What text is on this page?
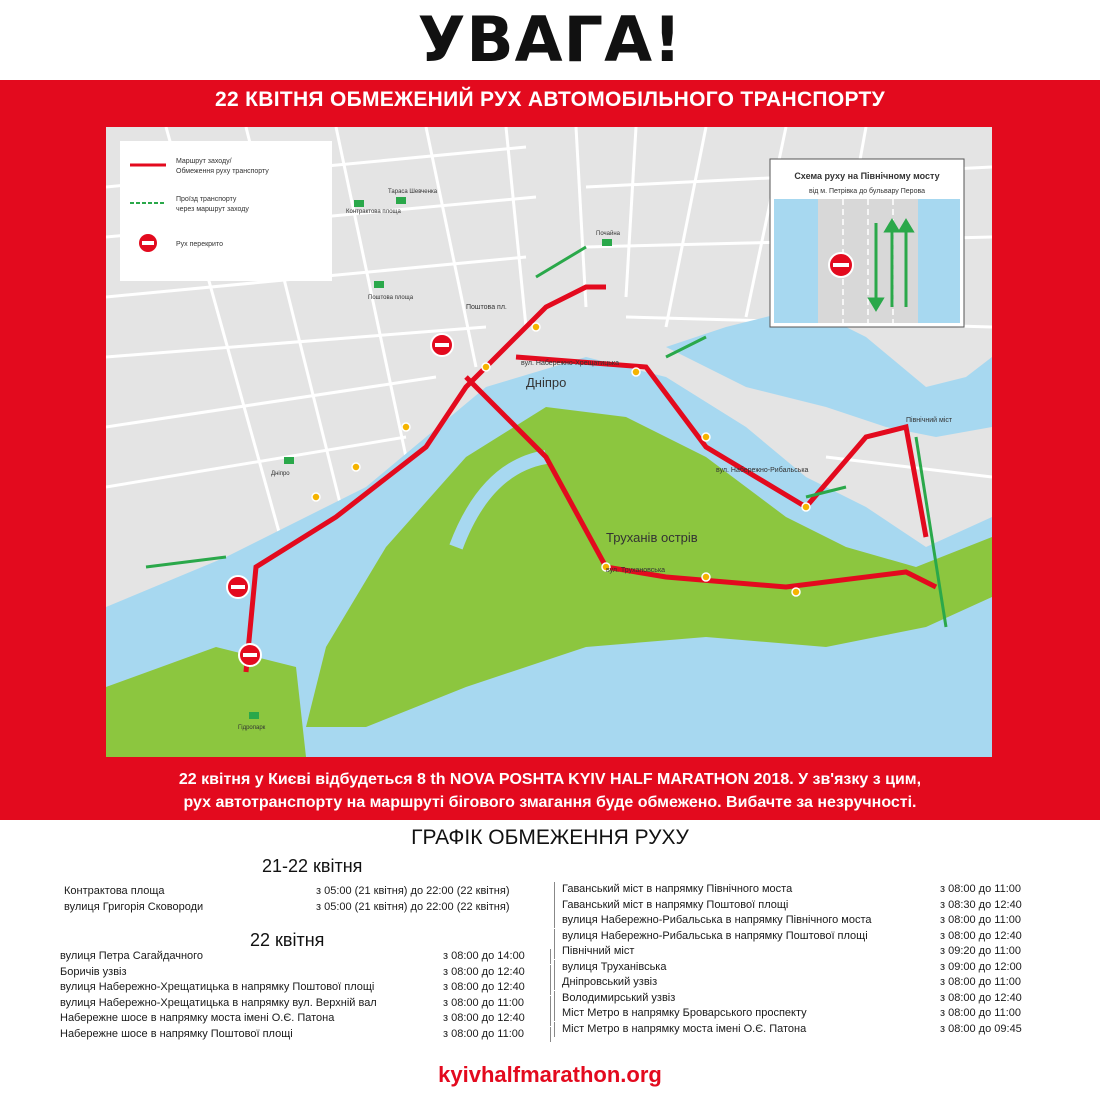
УВАГА!
22 КВІТНЯ ОБМЕЖЕНИЙ РУХ АВТОМОБІЛЬНОГО ТРАНСПОРТУ
Дніпро
Труханів острів
вул. Набережно-Хрещатицька
вул. Набережно-Рибальська
вул. Трухановська
Північний міст
Поштова пл.
Контрактова площа
Поштова площа
Дніпро
Гідропарк
Тараса Шевченка
Почайна
Маршрут заходу/
Обмеження руху транспорту
Проїзд транспорту
через маршрут заходу
Рух перекрито
Схема руху на Північному мосту
від м. Петрівка до бульвару Перова
22 квітня у Києві відбудеться 8 th NOVA POSHTA KYIV HALF MARATHON 2018. У зв'язку з цим,
рух автотранспорту на маршруті бігового змагання буде обмежено. Вибачте за незручності.
ГРАФІК ОБМЕЖЕННЯ РУХУ
21-22 квітня
22 квітня
Контрактова площа	з 05:00 (21 квітня) до 22:00 (22 квітня)
вулиця Григорія Сковороди	з 05:00 (21 квітня) до 22:00 (22 квітня)
вулиця Петра Сагайдачного	з 08:00 до 14:00
Боричів узвіз	з 08:00 до 12:40
вулиця Набережно-Хрещатицька в напрямку Поштової площі	з 08:00 до 12:40
вулиця Набережно-Хрещатицька в напрямку вул. Верхній вал	з 08:00 до 11:00
Набережне шосе в напрямку моста імені О.Є. Патона	з 08:00 до 12:40
Набережне шосе в напрямку Поштової площі	з 08:00 до 11:00
Гаванський міст в напрямку Північного моста	з 08:00 до 11:00
Гаванський міст в напрямку Поштової площі	з 08:30 до 12:40
вулиця Набережно-Рибальська в напрямку Північного моста	з 08:00 до 11:00
вулиця Набережно-Рибальська в напрямку Поштової площі	з 08:00 до 12:40
Північний міст	з 09:20 до 11:00
вулиця Труханівська	з 09:00 до 12:00
Дніпровський узвіз	з 08:00 до 11:00
Володимирський узвіз	з 08:00 до 12:40
Міст Метро в напрямку Броварського проспекту	з 08:00 до 11:00
Міст Метро в напрямку моста імені О.Є. Патона	з 08:00 до 09:45
kyivhalfmarathon.org
